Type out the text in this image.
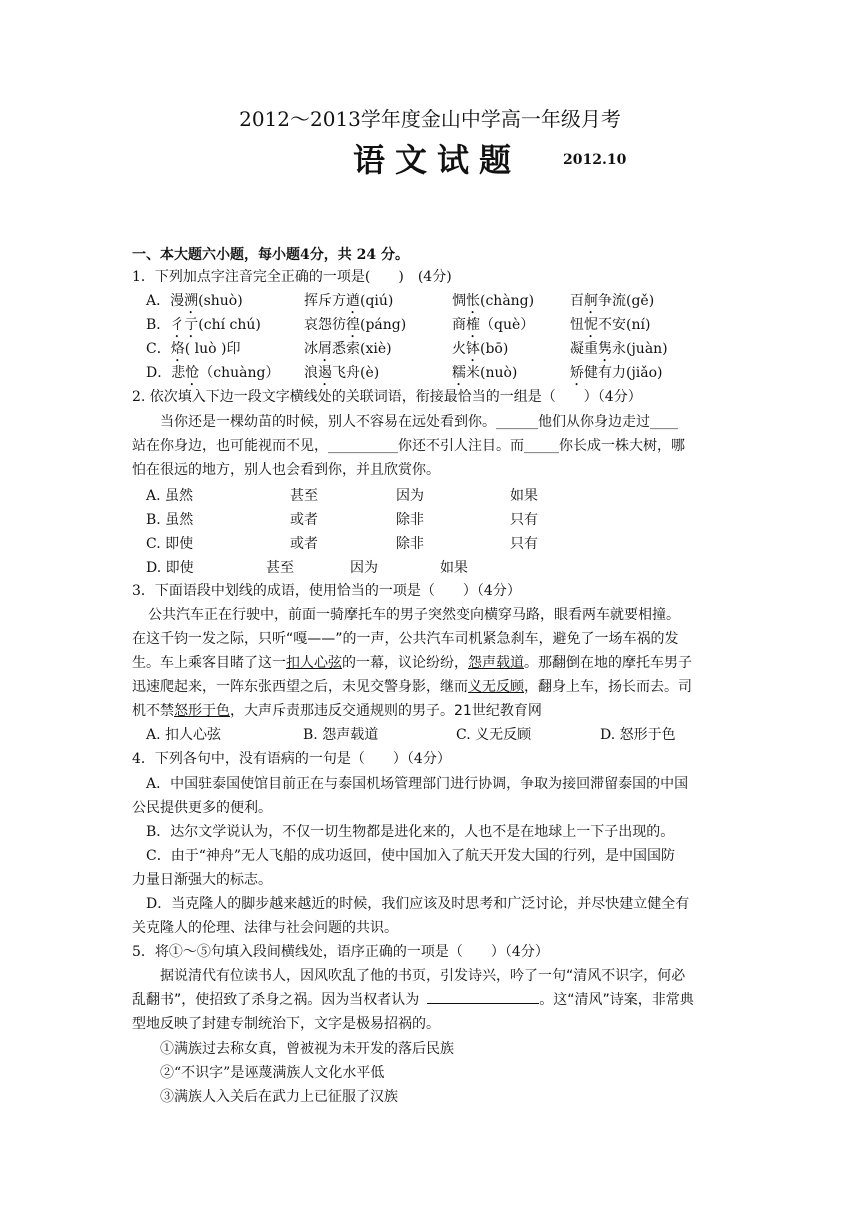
2012～2013学年度金山中学高一年级月考
语文试题	2012.10
一、本大题六小题，每小题4分，共 24 分。
1．下列加点字注音完全正确的一项是(　　)　(4分)
A．漫溯(shuò)	挥斥方遒(qiú)	惆怅(chàng)	百舸争流(gě)
B．彳亍(chí chú)	哀怨彷徨(páng)	商榷（què）	忸怩不安(ní)
C．烙( luò )印	冰屑悉索(xiè)	火钵(bō)	凝重隽永(juàn)
D．悲怆（chuàng） 浪遏飞舟(è)	糯米(nuò)	矫健有力(jiǎo)
2. 依次填入下边一段文字横线处的关联词语，衔接最恰当的一组是（　　）（4分）
当你还是一棵幼苗的时候，别人不容易在远处看到你。______他们从你身边走过____
站在你身边，也可能视而不见，__________你还不引人注目。而_____你长成一株大树，哪
怕在很远的地方，别人也会看到你，并且欣赏你。
A. 虽然	甚至	因为	如果
B. 虽然	或者	除非	只有
C. 即使	或者	除非	只有
D. 即使	甚至	因为	如果
3．下面语段中划线的成语，使用恰当的一项是（　　）（4分）
公共汽车正在行驶中，前面一骑摩托车的男子突然变向横穿马路，眼看两车就要相撞。
在这千钧一发之际，只听“嘎——”的一声，公共汽车司机紧急刹车，避免了一场车祸的发
生。车上乘客目睹了这一扣人心弦的一幕，议论纷纷，怨声载道。那翻倒在地的摩托车男子
迅速爬起来，一阵东张西望之后，未见交警身影，继而义无反顾，翻身上车，扬长而去。司
机不禁怒形于色，大声斥责那违反交通规则的男子。21世纪教育网
A. 扣人心弦	B. 怨声载道	C. 义无反顾	D. 怒形于色
4．下列各句中，没有语病的一句是（　　）（4分）
A．中国驻泰国使馆目前正在与泰国机场管理部门进行协调，争取为接回滞留泰国的中国
公民提供更多的便利。
B．达尔文学说认为，不仅一切生物都是进化来的，人也不是在地球上一下子出现的。
C．由于“神舟”无人飞船的成功返回，使中国加入了航天开发大国的行列，是中国国防
力量日渐强大的标志。
D．当克隆人的脚步越来越近的时候，我们应该及时思考和广泛讨论，并尽快建立健全有
关克隆人的伦理、法律与社会问题的共识。
5．将①～⑤句填入段间横线处，语序正确的一项是（　　）（4分）
据说清代有位读书人，因风吹乱了他的书页，引发诗兴，吟了一句“清风不识字，何必
乱翻书”，使招致了杀身之祸。因为当权者认为	。这“清风”诗案，非常典
型地反映了封建专制统治下，文字是极易招祸的。
①满族过去称女真，曾被视为未开发的落后民族
②“不识字”是诬蔑满族人文化水平低
③满族人入关后在武力上已征服了汉族
